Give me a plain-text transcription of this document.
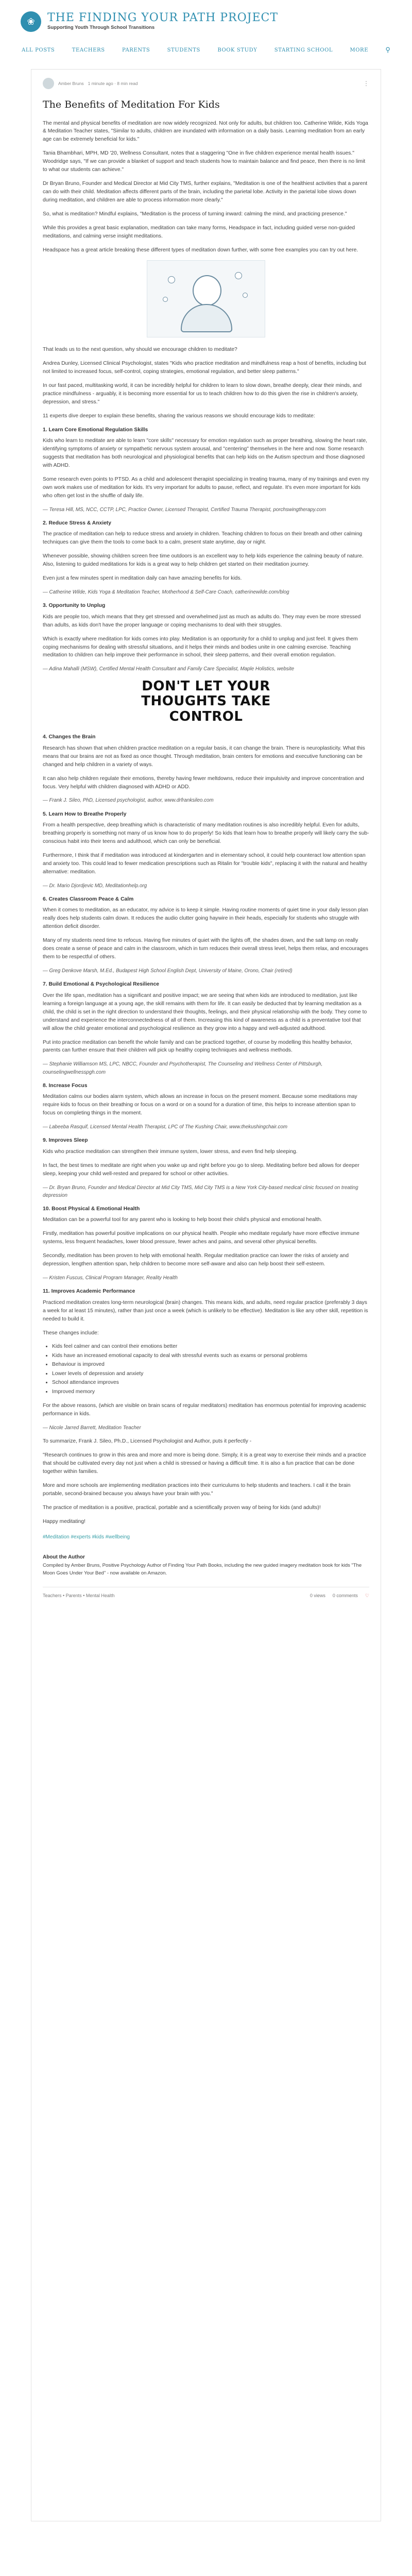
❀	THE FINDING YOUR PATH PROJECT
Supporting Youth Through School Transitions
ALL POSTS	TEACHERS	PARENTS	STUDENTS	BOOK STUDY	STARTING SCHOOL	MORE	⚲
Amber Bruns 1 minute ago · 8 min read	⋮
The Benefits of Meditation For Kids

The mental and physical benefits of meditation are now widely recognized. Not only for adults, but children too. Catherine Wilde, Kids Yoga & Meditation Teacher states, "Similar to adults, children are inundated with information on a daily basis. Learning meditation from an early age can be extremely beneficial for kids."

Tania Bhambhari, MPH, MD '20, Wellness Consultant, notes that a staggering "One in five children experience mental health issues." Woodridge says, "If we can provide a blanket of support and teach students how to maintain balance and find peace, then there is no limit to what our students can achieve."

Dr Bryan Bruno, Founder and Medical Director at Mid City TMS, further explains, "Meditation is one of the healthiest activities that a parent can do with their child. Meditation affects different parts of the brain, including the parietal lobe. Activity in the parietal lobe slows down during meditation, and children are able to process information more clearly."

So, what is meditation? Mindful explains, "Meditation is the process of turning inward: calming the mind, and practicing presence."

While this provides a great basic explanation, meditation can take many forms, Headspace in fact, including guided verse non-guided meditations, and calming verse insight meditations.

Headspace has a great article breaking these different types of meditation down further, with some free examples you can try out here.

That leads us to the next question, why should we encourage children to meditate?

Andrea Dunley, Licensed Clinical Psychologist, states "Kids who practice meditation and mindfulness reap a host of benefits, including but not limited to increased focus, self-control, coping strategies, emotional regulation, and better sleep patterns."

In our fast paced, multitasking world, it can be incredibly helpful for children to learn to slow down, breathe deeply, clear their minds, and practice mindfulness - arguably, it is becoming more essential for us to teach children how to do this given the rise in children's anxiety, depression, and stress."

11 experts dive deeper to explain these benefits, sharing the various reasons we should encourage kids to meditate:

1. Learn Core Emotional Regulation Skills

Kids who learn to meditate are able to learn "core skills" necessary for emotion regulation such as proper breathing, slowing the heart rate, identifying symptoms of anxiety or sympathetic nervous system arousal, and "centering" themselves in the here and now. Some research suggests that meditation has both neurological and physiological benefits that can help kids on the Autism spectrum and those diagnosed with ADHD.

Some research even points to PTSD. As a child and adolescent therapist specializing in treating trauma, many of my trainings and even my own work makes use of meditation for kids. It's very important for adults to pause, reflect, and regulate. It's even more important for kids who often get lost in the shuffle of daily life.

— Teresa Hill, MS, NCC, CCTP, LPC, Practice Owner, Licensed Therapist, Certified Trauma Therapist, porchswingtherapy.com

2. Reduce Stress & Anxiety

The practice of meditation can help to reduce stress and anxiety in children. Teaching children to focus on their breath and other calming techniques can give them the tools to come back to a calm, present state anytime, day or night.

Whenever possible, showing children screen free time outdoors is an excellent way to help kids experience the calming beauty of nature. Also, listening to guided meditations for kids is a great way to help children get started on their meditation journey.

Even just a few minutes spent in meditation daily can have amazing benefits for kids.

— Catherine Wilde, Kids Yoga & Meditation Teacher, Motherhood & Self-Care Coach, catherinewilde.com/blog

3. Opportunity to Unplug

Kids are people too, which means that they get stressed and overwhelmed just as much as adults do. They may even be more stressed than adults, as kids don't have the proper language or coping mechanisms to deal with their struggles.

Which is exactly where meditation for kids comes into play. Meditation is an opportunity for a child to unplug and just feel. It gives them coping mechanisms for dealing with stressful situations, and it helps their minds and bodies unite in one calming exercise. Teaching meditation to children can help improve their performance in school, their sleep patterns, and their overall emotion regulation.

— Adina Mahalli (MSW), Certified Mental Health Consultant and Family Care Specialist, Maple Holistics, website

DON'T LET YOUR
THOUGHTS TAKE
CONTROL
4. Changes the Brain

Research has shown that when children practice meditation on a regular basis, it can change the brain. There is neuroplasticity. What this means that our brains are not as fixed as once thought. Through meditation, brain centers for emotions and executive functioning can be changed and help children in a variety of ways.

It can also help children regulate their emotions, thereby having fewer meltdowns, reduce their impulsivity and improve concentration and focus. Very helpful with children diagnosed with ADHD or ADD.

— Frank J. Sileo, PhD, Licensed psychologist, author, www.drfranksileo.com

5. Learn How to Breathe Properly

From a health perspective, deep breathing which is characteristic of many meditation routines is also incredibly helpful. Even for adults, breathing properly is something not many of us know how to do properly! So kids that learn how to breathe properly will likely carry the sub-conscious habit into their teens and adulthood, which can only be beneficial.

Furthermore, I think that if meditation was introduced at kindergarten and in elementary school, it could help counteract low attention span and anxiety too. This could lead to fewer medication prescriptions such as Ritalin for "trouble kids", replacing it with the natural and healthy alternative: meditation.

— Dr. Mario Djordjevic MD, Meditationhelp.org

6. Creates Classroom Peace & Calm

When it comes to meditation, as an educator, my advice is to keep it simple. Having routine moments of quiet time in your daily lesson plan really does help students calm down. It reduces the audio clutter going haywire in their heads, especially for students who struggle with attention deficit disorder.

Many of my students need time to refocus. Having five minutes of quiet with the lights off, the shades down, and the salt lamp on really does create a sense of peace and calm in the classroom, which in turn reduces their overall stress level, helps them relax, and encourages them to be respectful of others.

— Greg Denkove Marsh, M.Ed., Budapest High School English Dept, University of Maine, Orono, Chair (retired)

7. Build Emotional & Psychological Resilience

Over the life span, meditation has a significant and positive impact; we are seeing that when kids are introduced to meditation, just like learning a foreign language at a young age, the skill remains with them for life. It can easily be deducted that by learning meditation as a child, the child is set in the right direction to understand their thoughts, feelings, and their physical relationship with the body. They come to understand and experience the interconnectedness of all of them. Increasing this kind of awareness as a child is a preventative tool that will allow the child greater emotional and psychological resilience as they grow into a happy and well-adjusted adulthood.

Put into practice meditation can benefit the whole family and can be practiced together, of course by modelling this healthy behavior, parents can further ensure that their children will pick up healthy coping techniques and wellness methods.

— Stephanie Williamson MS, LPC, NBCC, Founder and Psychotherapist, The Counseling and Wellness Center of Pittsburgh, counselingwellnesspgh.com

8. Increase Focus

Meditation calms our bodies alarm system, which allows an increase in focus on the present moment. Because some meditations may require kids to focus on their breathing or focus on a word or on a sound for a duration of time, this helps to increase attention span to focus on completing things in the moment.

— Labeeba Rasquif, Licensed Mental Health Therapist, LPC of The Kushing Chair, www.thekushingchair.com

9. Improves Sleep

Kids who practice meditation can strengthen their immune system, lower stress, and even find help sleeping.

In fact, the best times to meditate are right when you wake up and right before you go to sleep. Meditating before bed allows for deeper sleep, keeping your child well-rested and prepared for school or other activities.

— Dr. Bryan Bruno, Founder and Medical Director at Mid City TMS, Mid City TMS is a New York City-based medical clinic focused on treating depression

10. Boost Physical & Emotional Health

Meditation can be a powerful tool for any parent who is looking to help boost their child's physical and emotional health.

Firstly, meditation has powerful positive implications on our physical health. People who meditate regularly have more effective immune systems, less frequent headaches, lower blood pressure, fewer aches and pains, and several other physical benefits.

Secondly, meditation has been proven to help with emotional health. Regular meditation practice can lower the risks of anxiety and depression, lengthen attention span, help children to become more self-aware and also can help boost their self-esteem.

— Kristen Fuscus, Clinical Program Manager, Reality Health

11. Improves Academic Performance

Practiced meditation creates long-term neurological (brain) changes. This means kids, and adults, need regular practice (preferably 3 days a week for at least 15 minutes), rather than just once a week (which is unlikely to be effective). Meditation is like any other skill, repetition is needed to build it.

These changes include:

• Kids feel calmer and can control their emotions better
• Kids have an increased emotional capacity to deal with stressful events such as exams or personal problems
• Behaviour is improved
• Lower levels of depression and anxiety
• School attendance improves
• Improved memory

For the above reasons, (which are visible on brain scans of regular meditators) meditation has enormous potential for improving academic performance in kids.

— Nicole Jarred Barrett, Meditation Teacher

To summarize, Frank J. Sileo, Ph.D., Licensed Psychologist and Author, puts it perfectly -

"Research continues to grow in this area and more and more is being done. Simply, it is a great way to exercise their minds and a practice that should be cultivated every day not just when a child is stressed or having a difficult time. It is also a fun practice that can be done together within families.

More and more schools are implementing meditation practices into their curriculums to help students and teachers. I call it the brain portable, second-brained because you always have your brain with you."

The practice of meditation is a positive, practical, portable and a scientifically proven way of being for kids (and adults)!

Happy meditating!

#Meditation #experts #kids #wellbeing

About the Author

Compiled by Amber Bruns, Positive Psychology Author of Finding Your Path Books, including the new guided imagery meditation book for kids "The Moon Goes Under Your Bed" - now available on Amazon.

Teachers • Parents • Mental Health	0 views 0 comments ♡
